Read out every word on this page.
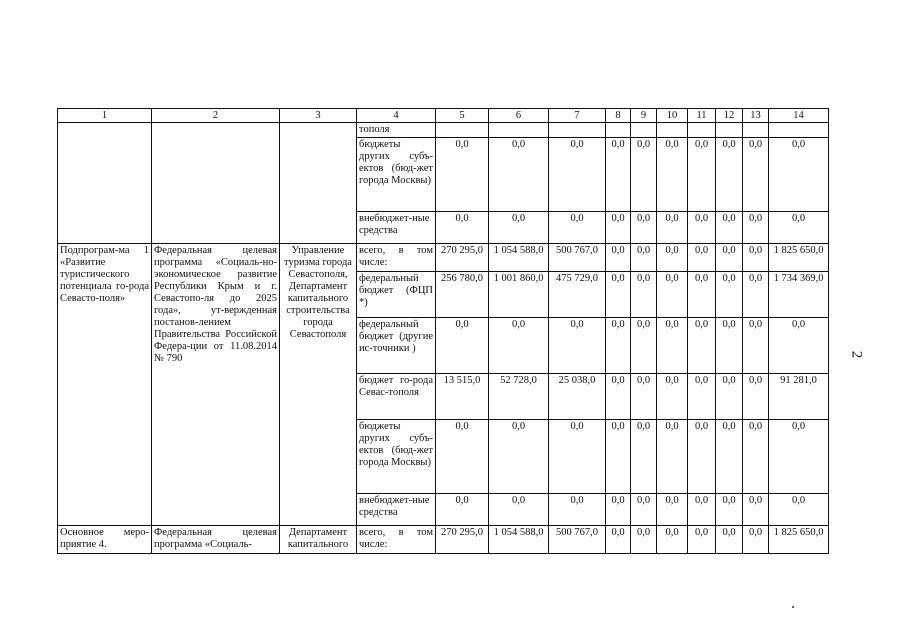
2
1	2	3	4	5	6	7	8	9	10	11	12	13	14
			тополя										
			бюджеты других субъ-ектов (бюд-жет города Москвы)	0,0	0,0	0,0	0,0	0,0	0,0	0,0	0,0	0,0	0,0
			внебюджет-ные средства	0,0	0,0	0,0	0,0	0,0	0,0	0,0	0,0	0,0	0,0
Подпрограм-ма 1 «Развитие туристического потенциала го-рода Севасто-поля»	Федеральная целевая программа «Социаль-но-экономическое развитие Республики Крым и г. Севастопо-ля до 2025 года», ут-вержденная постанов-лением Правительства Российской Федера-ции от 11.08.2014 № 790	Управление туризма города Севастополя, Департамент капитального строительства города Севастополя	всего, в том числе:	270 295,0	1 054 588,0	500 767,0	0,0	0,0	0,0	0,0	0,0	0,0	1 825 650,0
			федеральный бюджет (ФЦП *)	256 780,0	1 001 860,0	475 729,0	0,0	0,0	0,0	0,0	0,0	0,0	1 734 369,0
			федеральный бюджет (другие ис-точники )	0,0	0,0	0,0	0,0	0,0	0,0	0,0	0,0	0,0	0,0
			бюджет го-рода Севас-тополя	13 515,0	52 728,0	25 038,0	0,0	0,0	0,0	0,0	0,0	0,0	91 281,0
			бюджеты других субъ-ектов (бюд-жет города Москвы)	0,0	0,0	0,0	0,0	0,0	0,0	0,0	0,0	0,0	0,0
			внебюджет-ные средства	0,0	0,0	0,0	0,0	0,0	0,0	0,0	0,0	0,0	0,0
Основное меро-приятие 4.	Федеральная целевая программа «Социаль-	Департамент капитального	всего, в том числе:	270 295,0	1 054 588,0	500 767,0	0,0	0,0	0,0	0,0	0,0	0,0	1 825 650,0
